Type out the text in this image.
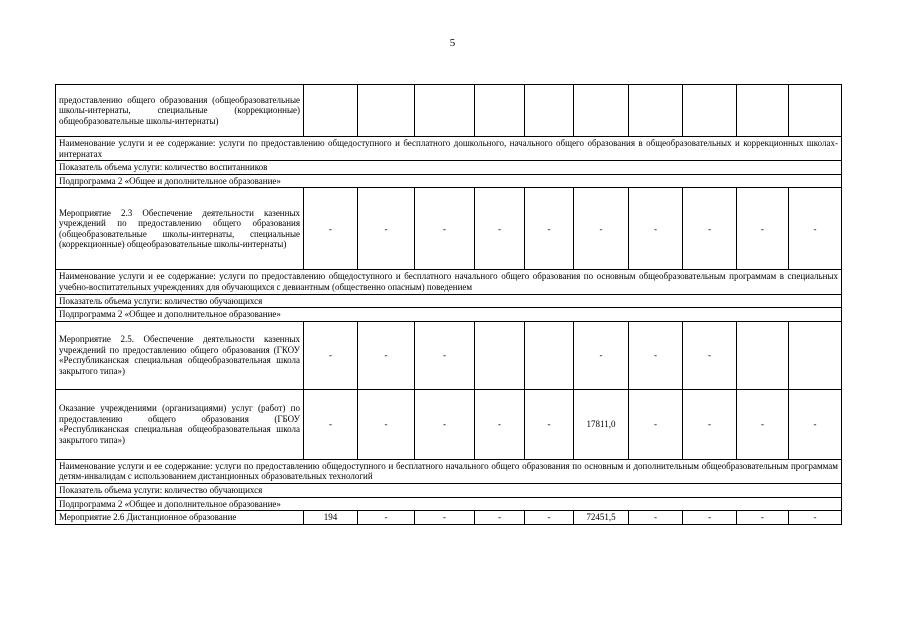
5
предоставлению общего образования (общеобразовательные школы-интернаты, специальные (коррекционные) общеобразовательные школы-интернаты)										
Наименование услуги и ее содержание: услуги по предоставлению общедоступного и бесплатного дошкольного, начального общего образования в общеобразовательных и коррекционных школах-интернатах										
Показатель объема услуги: количество воспитанников										
Подпрограмма 2 «Общее и дополнительное образование»										
Мероприятие 2.3 Обеспечение деятельности казенных учреждений по предоставлению общего образования (общеобразовательные школы-интернаты, специальные (коррекционные) общеобразовательные школы-интернаты)	-	-	-	-	-	-	-	-	-	-
Наименование услуги и ее содержание: услуги по предоставлению общедоступного и бесплатного начального общего образования по основным общеобразовательным программам в специальных учебно-воспитательных учреждениях для обучающихся с девиантным (общественно опасным) поведением										
Показатель объема услуги: количество обучающихся										
Подпрограмма 2 «Общее и дополнительное образование»										
Мероприятие 2.5. Обеспечение деятельности казенных учреждений по предоставлению общего образования (ГКОУ «Республиканская специальная общеобразовательная школа закрытого типа»)	-	-	-			-	-	-		
Оказание учреждениями (организациями) услуг (работ) по предоставлению общего образования (ГБОУ «Республиканская специальная общеобразовательная школа закрытого типа»)	-	-	-	-	-	17811,0	-	-	-	-
Наименование услуги и ее содержание: услуги по предоставлению общедоступного и бесплатного начального общего образования по основным и дополнительным общеобразовательным программам детям-инвалидам с использованием дистанционных образовательных технологий										
Показатель объема услуги: количество обучающихся										
Подпрограмма 2 «Общее и дополнительное образование»										
Мероприятие 2.6 Дистанционное образование	194	-	-	-	-	72451,5	-	-	-	-
